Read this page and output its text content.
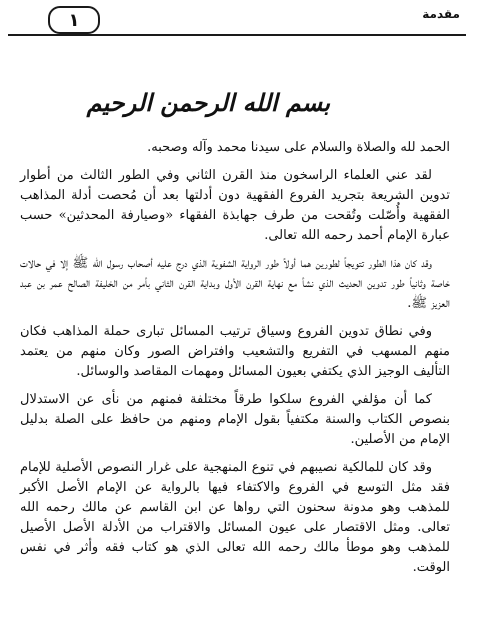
مقدمة
١
بسم الله الرحمن الرحيم

الحمد لله والصلاة والسلام على سيدنا محمد وآله وصحبه.

لقد عني العلماء الراسخون منذ القرن الثاني وفي الطور الثالث من أطوار تدوين الشريعة بتجريد الفروع الفقهية دون أدلتها بعد أن مُحصت أدلة المذاهب الفقهية وأُصّلت وتُقحت من طرف جهابذة الفقهاء «وصيارفة المحدثين» حسب عبارة الإمام أحمد رحمه الله تعالى.

وقد كان هذا الطور تتويجاً لطورين هما أولاً طور الرواية الشفوية الذي درج عليه أصحاب رسول الله ﷺ إلا في حالات خاصة وثانياً طور تدوين الحديث الذي نشأ مع نهاية القرن الأول وبداية القرن الثاني بأمر من الخليفة الصالح عمر بن عبد العزيز ﷺ.

وفي نطاق تدوين الفروع وسياق ترتيب المسائل تبارى حملة المذاهب فكان منهم المسهب في التفريع والتشعيب وافتراض الصور وكان منهم من يعتمد التأليف الوجيز الذي يكتفي بعيون المسائل ومهمات المقاصد والوسائل.

كما أن مؤلفي الفروع سلكوا طرقاً مختلفة فمنهم من نأى عن الاستدلال بنصوص الكتاب والسنة مكتفياً بقول الإمام ومنهم من حافظ على الصلة بدليل الإمام من الأصلين.

وقد كان للمالكية نصيبهم في تنوع المنهجية على غرار النصوص الأصلية للإمام فقد مثل التوسع في الفروع والاكتفاء فيها بالرواية عن الإمام الأصل الأكبر للمذهب وهو مدونة سحنون التي رواها عن ابن القاسم عن مالك رحمه الله تعالى. ومثل الاقتصار على عيون المسائل والاقتراب من الأدلة الأصل الأصيل للمذهب وهو موطأ مالك رحمه الله تعالى الذي هو كتاب فقه وأثر في نفس الوقت.
